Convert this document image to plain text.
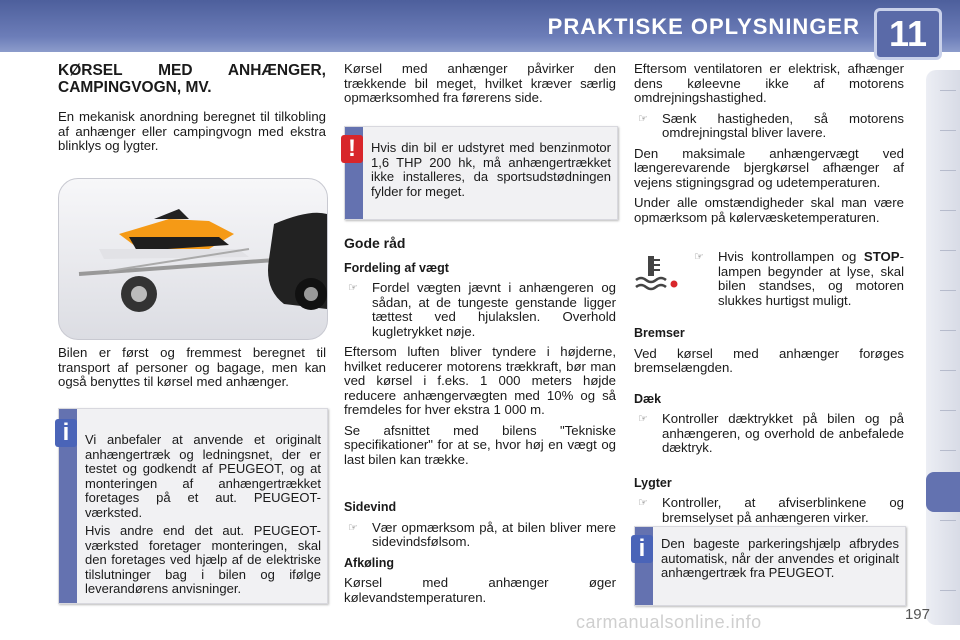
PRAKTISKE OPLYSNINGER 11
KØRSEL MED ANHÆNGER, CAMPINGVOGN, MV.

En mekanisk anordning beregnet til tilkobling af anhænger eller campingvogn med ekstra blinklys og lygter.

Bilen er først og fremmest beregnet til transport af personer og bagage, men kan også benyttes til kørsel med anhænger.

i	Vi anbefaler at anvende et originalt anhængertræk og ledningsnet, der er testet og godkendt af PEUGEOT, og at monteringen af anhængertrækket foretages på et aut. PEUGEOT-værksted.

Hvis andre end det aut. PEUGEOT-værksted foretager monteringen, skal den foretages ved hjælp af de elektriske tilslutninger bag i bilen og ifølge leverandørens anvisninger.

Kørsel med anhænger påvirker den trækkende bil meget, hvilket kræver særlig opmærksomhed fra førerens side.

!	Hvis din bil er udstyret med benzinmotor 1,6 THP 200 hk, må anhængertrækket ikke installeres, da sportsudstødningen fylder for meget.

Gode råd
Fordeling af vægt
☞	Fordel vægten jævnt i anhængeren og sådan, at de tungeste genstande ligger tættest ved hjulakslen. Overhold kugletrykket nøje.

Eftersom luften bliver tyndere i højderne, hvilket reducerer motorens trækkraft, bør man ved kørsel i f.eks. 1 000 meters højde reducere anhængervægten med 10% og så fremdeles for hver ekstra 1 000 m.

Se afsnittet med bilens "Tekniske specifikationer" for at se, hvor høj en vægt og last bilen kan trække.

Sidevind
☞	Vær opmærksom på, at bilen bliver mere sidevindsfølsom.
Afkøling

Kørsel med anhænger øger kølevandstemperaturen.

Eftersom ventilatoren er elektrisk, afhænger dens køleevne ikke af motorens omdrejningshastighed.

☞	Sænk hastigheden, så motorens omdrejningstal bliver lavere.

Den maksimale anhængervægt ved længerevarende bjergkørsel afhænger af vejens stigningsgrad og udetemperaturen.

Under alle omstændigheder skal man være opmærksom på kølervæsketemperaturen.

☞	Hvis kontrollampen og STOP-lampen begynder at lyse, skal bilen standses, og motoren slukkes hurtigst muligt.
Bremser

Ved kørsel med anhænger forøges bremselængden.

Dæk
☞	Kontroller dæktrykket på bilen og på anhængeren, og overhold de anbefalede dæktryk.
Lygter
☞	Kontroller, at afviserblinkene og bremselyset på anhængeren virker.
i	Den bageste parkeringshjælp afbrydes automatisk, når der anvendes et originalt anhængertræk fra PEUGEOT.

197
carmanualsonline.info
